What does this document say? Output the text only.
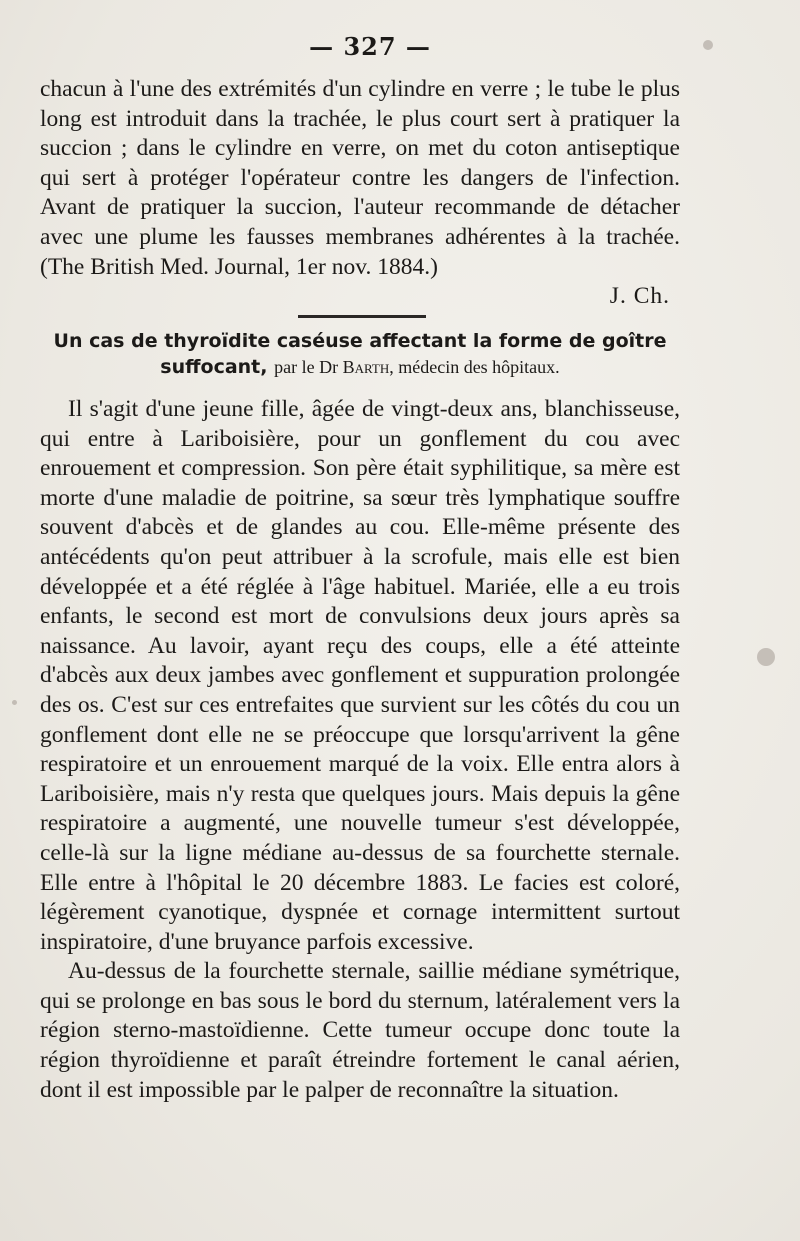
— 327 —

chacun à l'une des extrémités d'un cylindre en verre ; le tube le plus long est introduit dans la trachée, le plus court sert à pratiquer la succion ; dans le cylindre en verre, on met du coton antiseptique qui sert à protéger l'opérateur contre les dangers de l'infection. Avant de pratiquer la succion, l'auteur recommande de détacher avec une plume les fausses membranes adhérentes à la trachée. (The British Med. Journal, 1er nov. 1884.)

J. Ch.
Un cas de thyroïdite caséuse affectant la forme de goître suffocant, par le Dr Barth, médecin des hôpitaux.

Il s'agit d'une jeune fille, âgée de vingt-deux ans, blanchisseuse, qui entre à Lariboisière, pour un gonflement du cou avec enrouement et compression. Son père était syphilitique, sa mère est morte d'une maladie de poitrine, sa sœur très lymphatique souffre souvent d'abcès et de glandes au cou. Elle-même présente des antécédents qu'on peut attribuer à la scrofule, mais elle est bien développée et a été réglée à l'âge habituel. Mariée, elle a eu trois enfants, le second est mort de convulsions deux jours après sa naissance. Au lavoir, ayant reçu des coups, elle a été atteinte d'abcès aux deux jambes avec gonflement et suppuration prolongée des os. C'est sur ces entrefaites que survient sur les côtés du cou un gonflement dont elle ne se préoccupe que lorsqu'arrivent la gêne respiratoire et un enrouement marqué de la voix. Elle entra alors à Lariboisière, mais n'y resta que quelques jours. Mais depuis la gêne respiratoire a augmenté, une nouvelle tumeur s'est développée, celle-là sur la ligne médiane au-dessus de sa fourchette sternale. Elle entre à l'hôpital le 20 décembre 1883. Le facies est coloré, légèrement cyanotique, dyspnée et cornage intermittent surtout inspiratoire, d'une bruyance parfois excessive.

Au-dessus de la fourchette sternale, saillie médiane symétrique, qui se prolonge en bas sous le bord du sternum, latéralement vers la région sterno-mastoïdienne. Cette tumeur occupe donc toute la région thyroïdienne et paraît étreindre fortement le canal aérien, dont il est impossible par le palper de reconnaître la situation.
